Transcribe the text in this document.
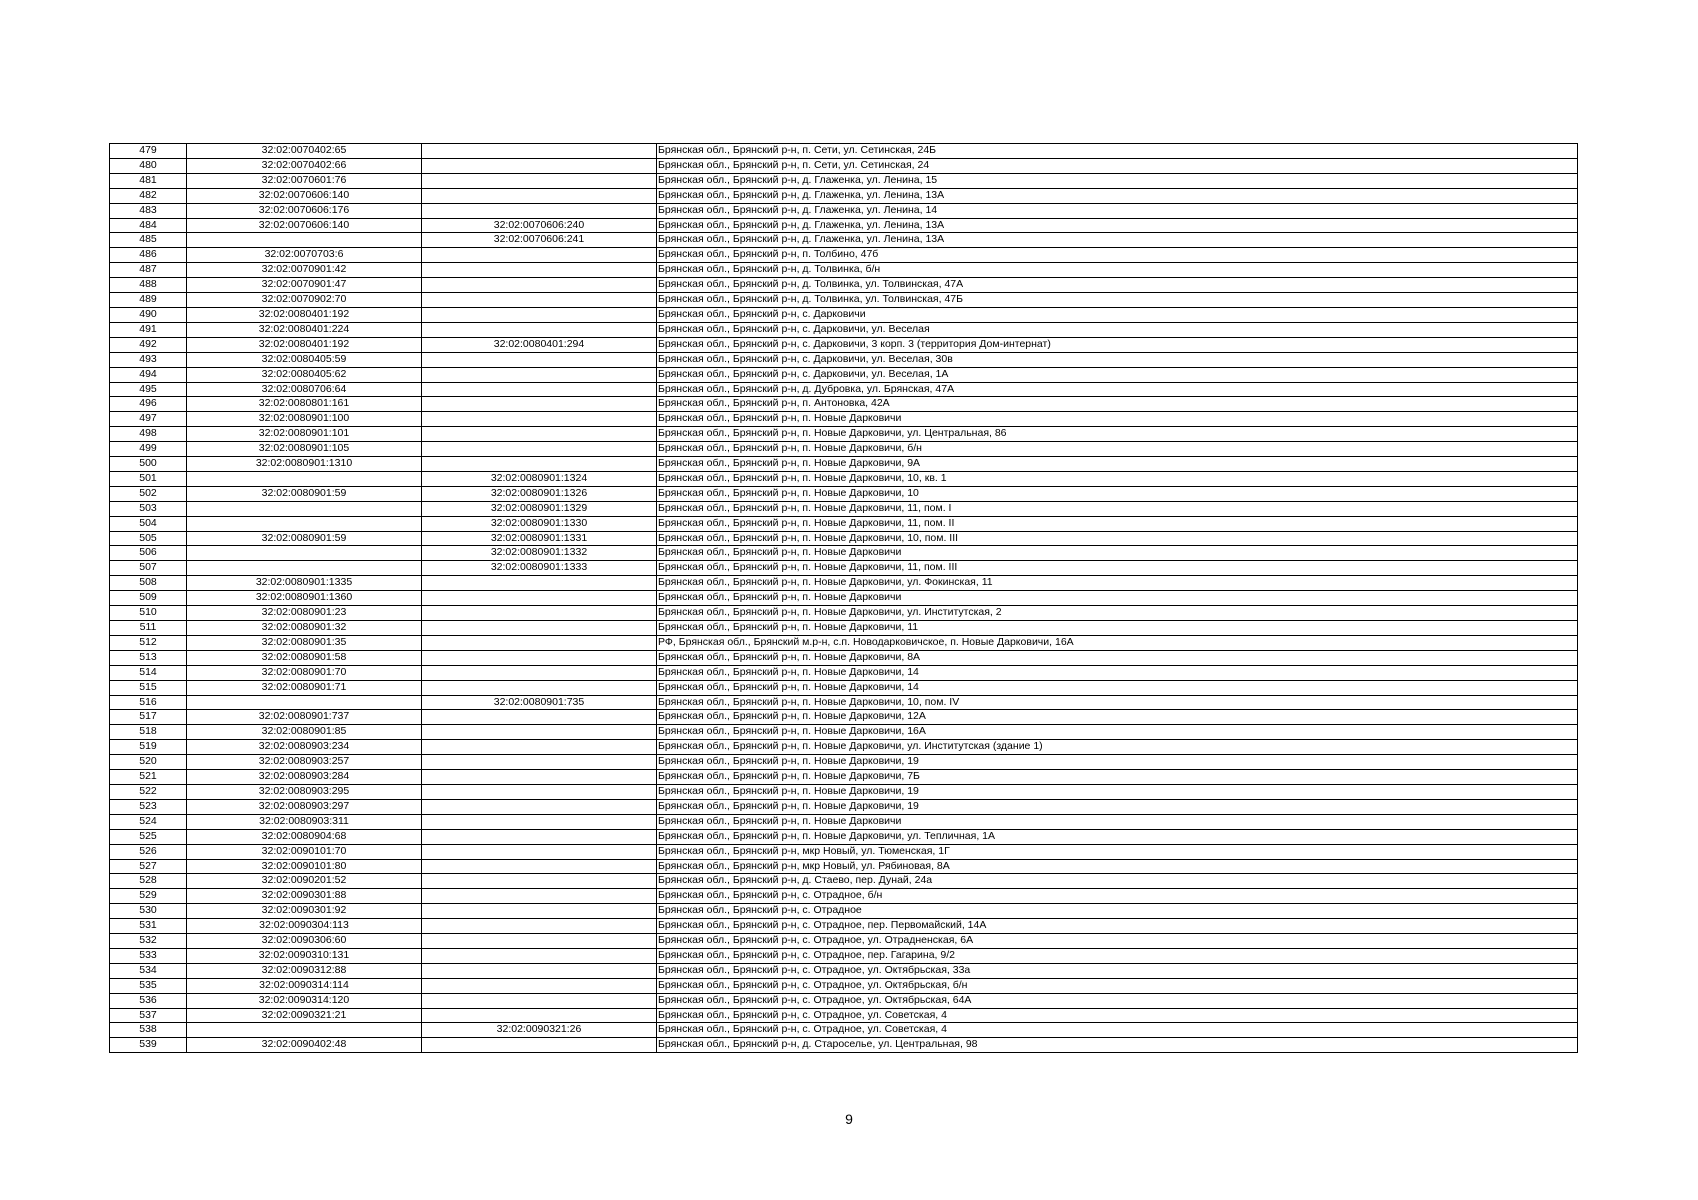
479	32:02:0070402:65		Брянская обл., Брянский р-н, п. Сети, ул. Сетинская, 24Б
480	32:02:0070402:66		Брянская обл., Брянский р-н, п. Сети, ул. Сетинская, 24
481	32:02:0070601:76		Брянская обл., Брянский р-н, д. Глаженка, ул. Ленина, 15
482	32:02:0070606:140		Брянская обл., Брянский р-н, д. Глаженка, ул. Ленина, 13А
483	32:02:0070606:176		Брянская обл., Брянский р-н, д. Глаженка, ул. Ленина, 14
484	32:02:0070606:140	32:02:0070606:240	Брянская обл., Брянский р-н, д. Глаженка, ул. Ленина, 13А
485		32:02:0070606:241	Брянская обл., Брянский р-н, д. Глаженка, ул. Ленина, 13А
486	32:02:0070703:6		Брянская обл., Брянский р-н, п. Толбино, 47б
487	32:02:0070901:42		Брянская обл., Брянский р-н, д. Толвинка, б/н
488	32:02:0070901:47		Брянская обл., Брянский р-н, д. Толвинка, ул. Толвинская, 47А
489	32:02:0070902:70		Брянская обл., Брянский р-н, д. Толвинка, ул. Толвинская, 47Б
490	32:02:0080401:192		Брянская обл., Брянский р-н, с. Дарковичи
491	32:02:0080401:224		Брянская обл., Брянский р-н, с. Дарковичи, ул. Веселая
492	32:02:0080401:192	32:02:0080401:294	Брянская обл., Брянский р-н, с. Дарковичи, 3 корп. 3 (территория Дом-интернат)
493	32:02:0080405:59		Брянская обл., Брянский р-н, с. Дарковичи, ул. Веселая, 30в
494	32:02:0080405:62		Брянская обл., Брянский р-н, с. Дарковичи, ул. Веселая, 1А
495	32:02:0080706:64		Брянская обл., Брянский р-н, д. Дубровка, ул. Брянская, 47А
496	32:02:0080801:161		Брянская обл., Брянский р-н, п. Антоновка, 42А
497	32:02:0080901:100		Брянская обл., Брянский р-н, п. Новые Дарковичи
498	32:02:0080901:101		Брянская обл., Брянский р-н, п. Новые Дарковичи, ул. Центральная, 86
499	32:02:0080901:105		Брянская обл., Брянский р-н, п. Новые Дарковичи, б/н
500	32:02:0080901:1310		Брянская обл., Брянский р-н, п. Новые Дарковичи, 9А
501		32:02:0080901:1324	Брянская обл., Брянский р-н, п. Новые Дарковичи, 10, кв. 1
502	32:02:0080901:59	32:02:0080901:1326	Брянская обл., Брянский р-н, п. Новые Дарковичи, 10
503		32:02:0080901:1329	Брянская обл., Брянский р-н, п. Новые Дарковичи, 11, пом. I
504		32:02:0080901:1330	Брянская обл., Брянский р-н, п. Новые Дарковичи, 11, пом. II
505	32:02:0080901:59	32:02:0080901:1331	Брянская обл., Брянский р-н, п. Новые Дарковичи, 10, пом. III
506		32:02:0080901:1332	Брянская обл., Брянский р-н, п. Новые Дарковичи
507		32:02:0080901:1333	Брянская обл., Брянский р-н, п. Новые Дарковичи, 11, пом. III
508	32:02:0080901:1335		Брянская обл., Брянский р-н, п. Новые Дарковичи, ул. Фокинская, 11
509	32:02:0080901:1360		Брянская обл., Брянский р-н, п. Новые Дарковичи
510	32:02:0080901:23		Брянская обл., Брянский р-н, п. Новые Дарковичи, ул. Институтская, 2
511	32:02:0080901:32		Брянская обл., Брянский р-н, п. Новые Дарковичи, 11
512	32:02:0080901:35		РФ, Брянская обл., Брянский м.р-н, с.п. Новодарковичское, п. Новые Дарковичи, 16А
513	32:02:0080901:58		Брянская обл., Брянский р-н, п. Новые Дарковичи, 8А
514	32:02:0080901:70		Брянская обл., Брянский р-н, п. Новые Дарковичи, 14
515	32:02:0080901:71		Брянская обл., Брянский р-н, п. Новые Дарковичи, 14
516		32:02:0080901:735	Брянская обл., Брянский р-н, п. Новые Дарковичи, 10, пом. IV
517	32:02:0080901:737		Брянская обл., Брянский р-н, п. Новые Дарковичи, 12А
518	32:02:0080901:85		Брянская обл., Брянский р-н, п. Новые Дарковичи, 16А
519	32:02:0080903:234		Брянская обл., Брянский р-н, п. Новые Дарковичи, ул. Институтская (здание 1)
520	32:02:0080903:257		Брянская обл., Брянский р-н, п. Новые Дарковичи, 19
521	32:02:0080903:284		Брянская обл., Брянский р-н, п. Новые Дарковичи, 7Б
522	32:02:0080903:295		Брянская обл., Брянский р-н, п. Новые Дарковичи, 19
523	32:02:0080903:297		Брянская обл., Брянский р-н, п. Новые Дарковичи, 19
524	32:02:0080903:311		Брянская обл., Брянский р-н, п. Новые Дарковичи
525	32:02:0080904:68		Брянская обл., Брянский р-н, п. Новые Дарковичи, ул. Тепличная, 1А
526	32:02:0090101:70		Брянская обл., Брянский р-н, мкр Новый, ул. Тюменская, 1Г
527	32:02:0090101:80		Брянская обл., Брянский р-н, мкр Новый, ул. Рябиновая, 8А
528	32:02:0090201:52		Брянская обл., Брянский р-н, д. Стаево, пер. Дунай, 24а
529	32:02:0090301:88		Брянская обл., Брянский р-н, с. Отрадное, б/н
530	32:02:0090301:92		Брянская обл., Брянский р-н, с. Отрадное
531	32:02:0090304:113		Брянская обл., Брянский р-н, с. Отрадное, пер. Первомайский, 14А
532	32:02:0090306:60		Брянская обл., Брянский р-н, с. Отрадное, ул. Отрадненская, 6А
533	32:02:0090310:131		Брянская обл., Брянский р-н, с. Отрадное, пер. Гагарина, 9/2
534	32:02:0090312:88		Брянская обл., Брянский р-н, с. Отрадное, ул. Октябрьская, 33а
535	32:02:0090314:114		Брянская обл., Брянский р-н, с. Отрадное, ул. Октябрьская, б/н
536	32:02:0090314:120		Брянская обл., Брянский р-н, с. Отрадное, ул. Октябрьская, 64А
537	32:02:0090321:21		Брянская обл., Брянский р-н, с. Отрадное, ул. Советская, 4
538		32:02:0090321:26	Брянская обл., Брянский р-н, с. Отрадное, ул. Советская, 4
539	32:02:0090402:48		Брянская обл., Брянский р-н, д. Староселье, ул. Центральная, 98
9
